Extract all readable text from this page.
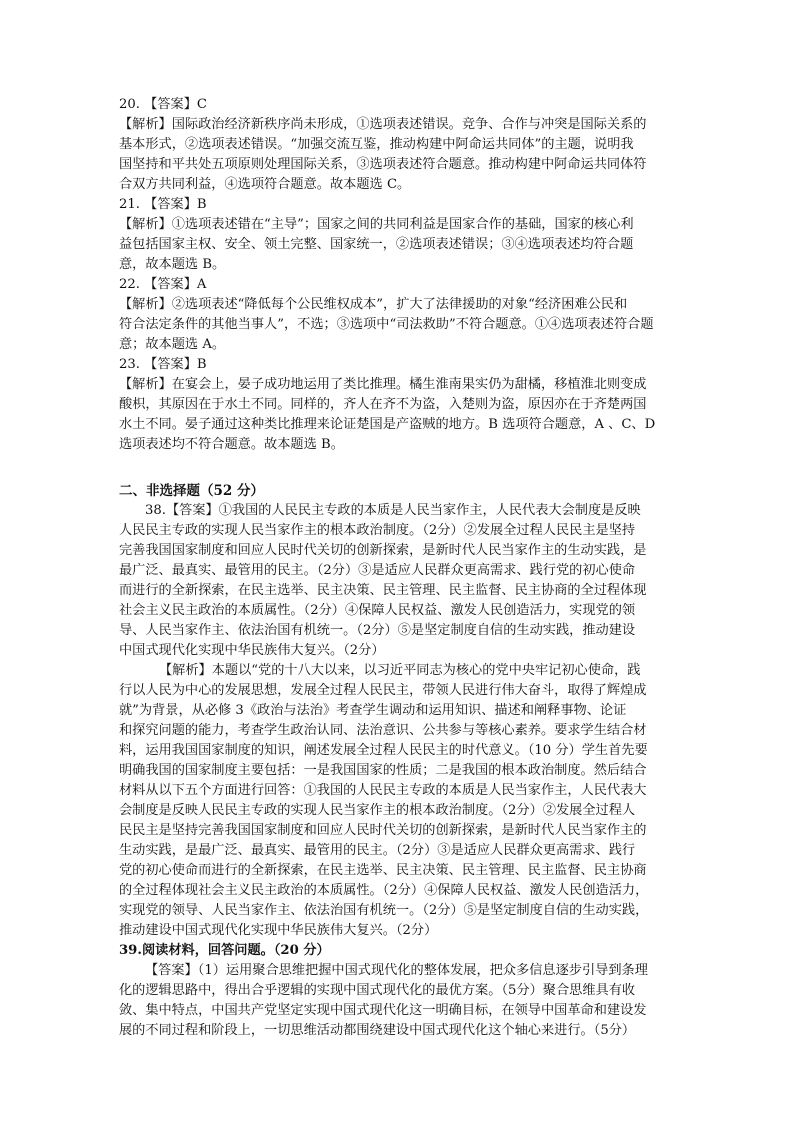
20. 【答案】C
【解析】国际政治经济新秩序尚未形成，①选项表述错误。竞争、合作与冲突是国际关系的
基本形式，②选项表述错误。“加强交流互鉴，推动构建中阿命运共同体”的主题，说明我
国坚持和平共处五项原则处理国际关系，③选项表述符合题意。推动构建中阿命运共同体符
合双方共同利益，④选项符合题意。故本题选 C。
21. 【答案】B
【解析】①选项表述错在“主导”；国家之间的共同利益是国家合作的基础，国家的核心利
益包括国家主权、安全、领土完整、国家统一，②选项表述错误；③④选项表述均符合题
意，故本题选 B。
22. 【答案】A
【解析】②选项表述“降低每个公民维权成本”，扩大了法律援助的对象“经济困难公民和
符合法定条件的其他当事人”，不选；③选项中“司法救助”不符合题意。①④选项表述符合题
意；故本题选 A。
23. 【答案】B
【解析】在宴会上，晏子成功地运用了类比推理。橘生淮南果实仍为甜橘，移植淮北则变成
酸枳，其原因在于水土不同。同样的，齐人在齐不为盗，入楚则为盗，原因亦在于齐楚两国
水土不同。晏子通过这种类比推理来论证楚国是产盗贼的地方。B 选项符合题意，A 、C、D
选项表述均不符合题意。故本题选 B。
二、非选择题（52 分）
38.【答案】①我国的人民民主专政的本质是人民当家作主，人民代表大会制度是反映
人民民主专政的实现人民当家作主的根本政治制度。（2分）②发展全过程人民民主是坚持
完善我国国家制度和回应人民时代关切的创新探索，是新时代人民当家作主的生动实践，是
最广泛、最真实、最管用的民主。（2分）③是适应人民群众更高需求、践行党的初心使命
而进行的全新探索，在民主选举、民主决策、民主管理、民主监督、民主协商的全过程体现
社会主义民主政治的本质属性。（2分）④保障人民权益、激发人民创造活力，实现党的领
导、人民当家作主、依法治国有机统一。（2分）⑤是坚定制度自信的生动实践，推动建设
中国式现代化实现中华民族伟大复兴。（2分）
【解析】本题以“党的十八大以来，以习近平同志为核心的党中央牢记初心使命，践
行以人民为中心的发展思想，发展全过程人民民主，带领人民进行伟大奋斗，取得了辉煌成
就”为背景，从必修 3《政治与法治》考查学生调动和运用知识、描述和阐释事物、论证
和探究问题的能力，考查学生政治认同、法治意识、公共参与等核心素养。要求学生结合材
料，运用我国国家制度的知识，阐述发展全过程人民民主的时代意义。（10 分）学生首先要
明确我国的国家制度主要包括：一是我国国家的性质；二是我国的根本政治制度。然后结合
材料从以下五个方面进行回答：①我国的人民民主专政的本质是人民当家作主，人民代表大
会制度是反映人民民主专政的实现人民当家作主的根本政治制度。（2分）②发展全过程人
民民主是坚持完善我国国家制度和回应人民时代关切的创新探索，是新时代人民当家作主的
生动实践，是最广泛、最真实、最管用的民主。（2分）③是适应人民群众更高需求、践行
党的初心使命而进行的全新探索，在民主选举、民主决策、民主管理、民主监督、民主协商
的全过程体现社会主义民主政治的本质属性。（2分）④保障人民权益、激发人民创造活力，
实现党的领导、人民当家作主、依法治国有机统一。（2分）⑤是坚定制度自信的生动实践，
推动建设中国式现代化实现中华民族伟大复兴。（2分）
39.阅读材料，回答问题。（20 分）
【答案】（1）运用聚合思维把握中国式现代化的整体发展，把众多信息逐步引导到条理
化的逻辑思路中，得出合乎逻辑的实现中国式现代化的最优方案。（5分）聚合思维具有收
敛、集中特点，中国共产党坚定实现中国式现代化这一明确目标，在领导中国革命和建设发
展的不同过程和阶段上，一切思维活动都围绕建设中国式现代化这个轴心来进行。（5分）
